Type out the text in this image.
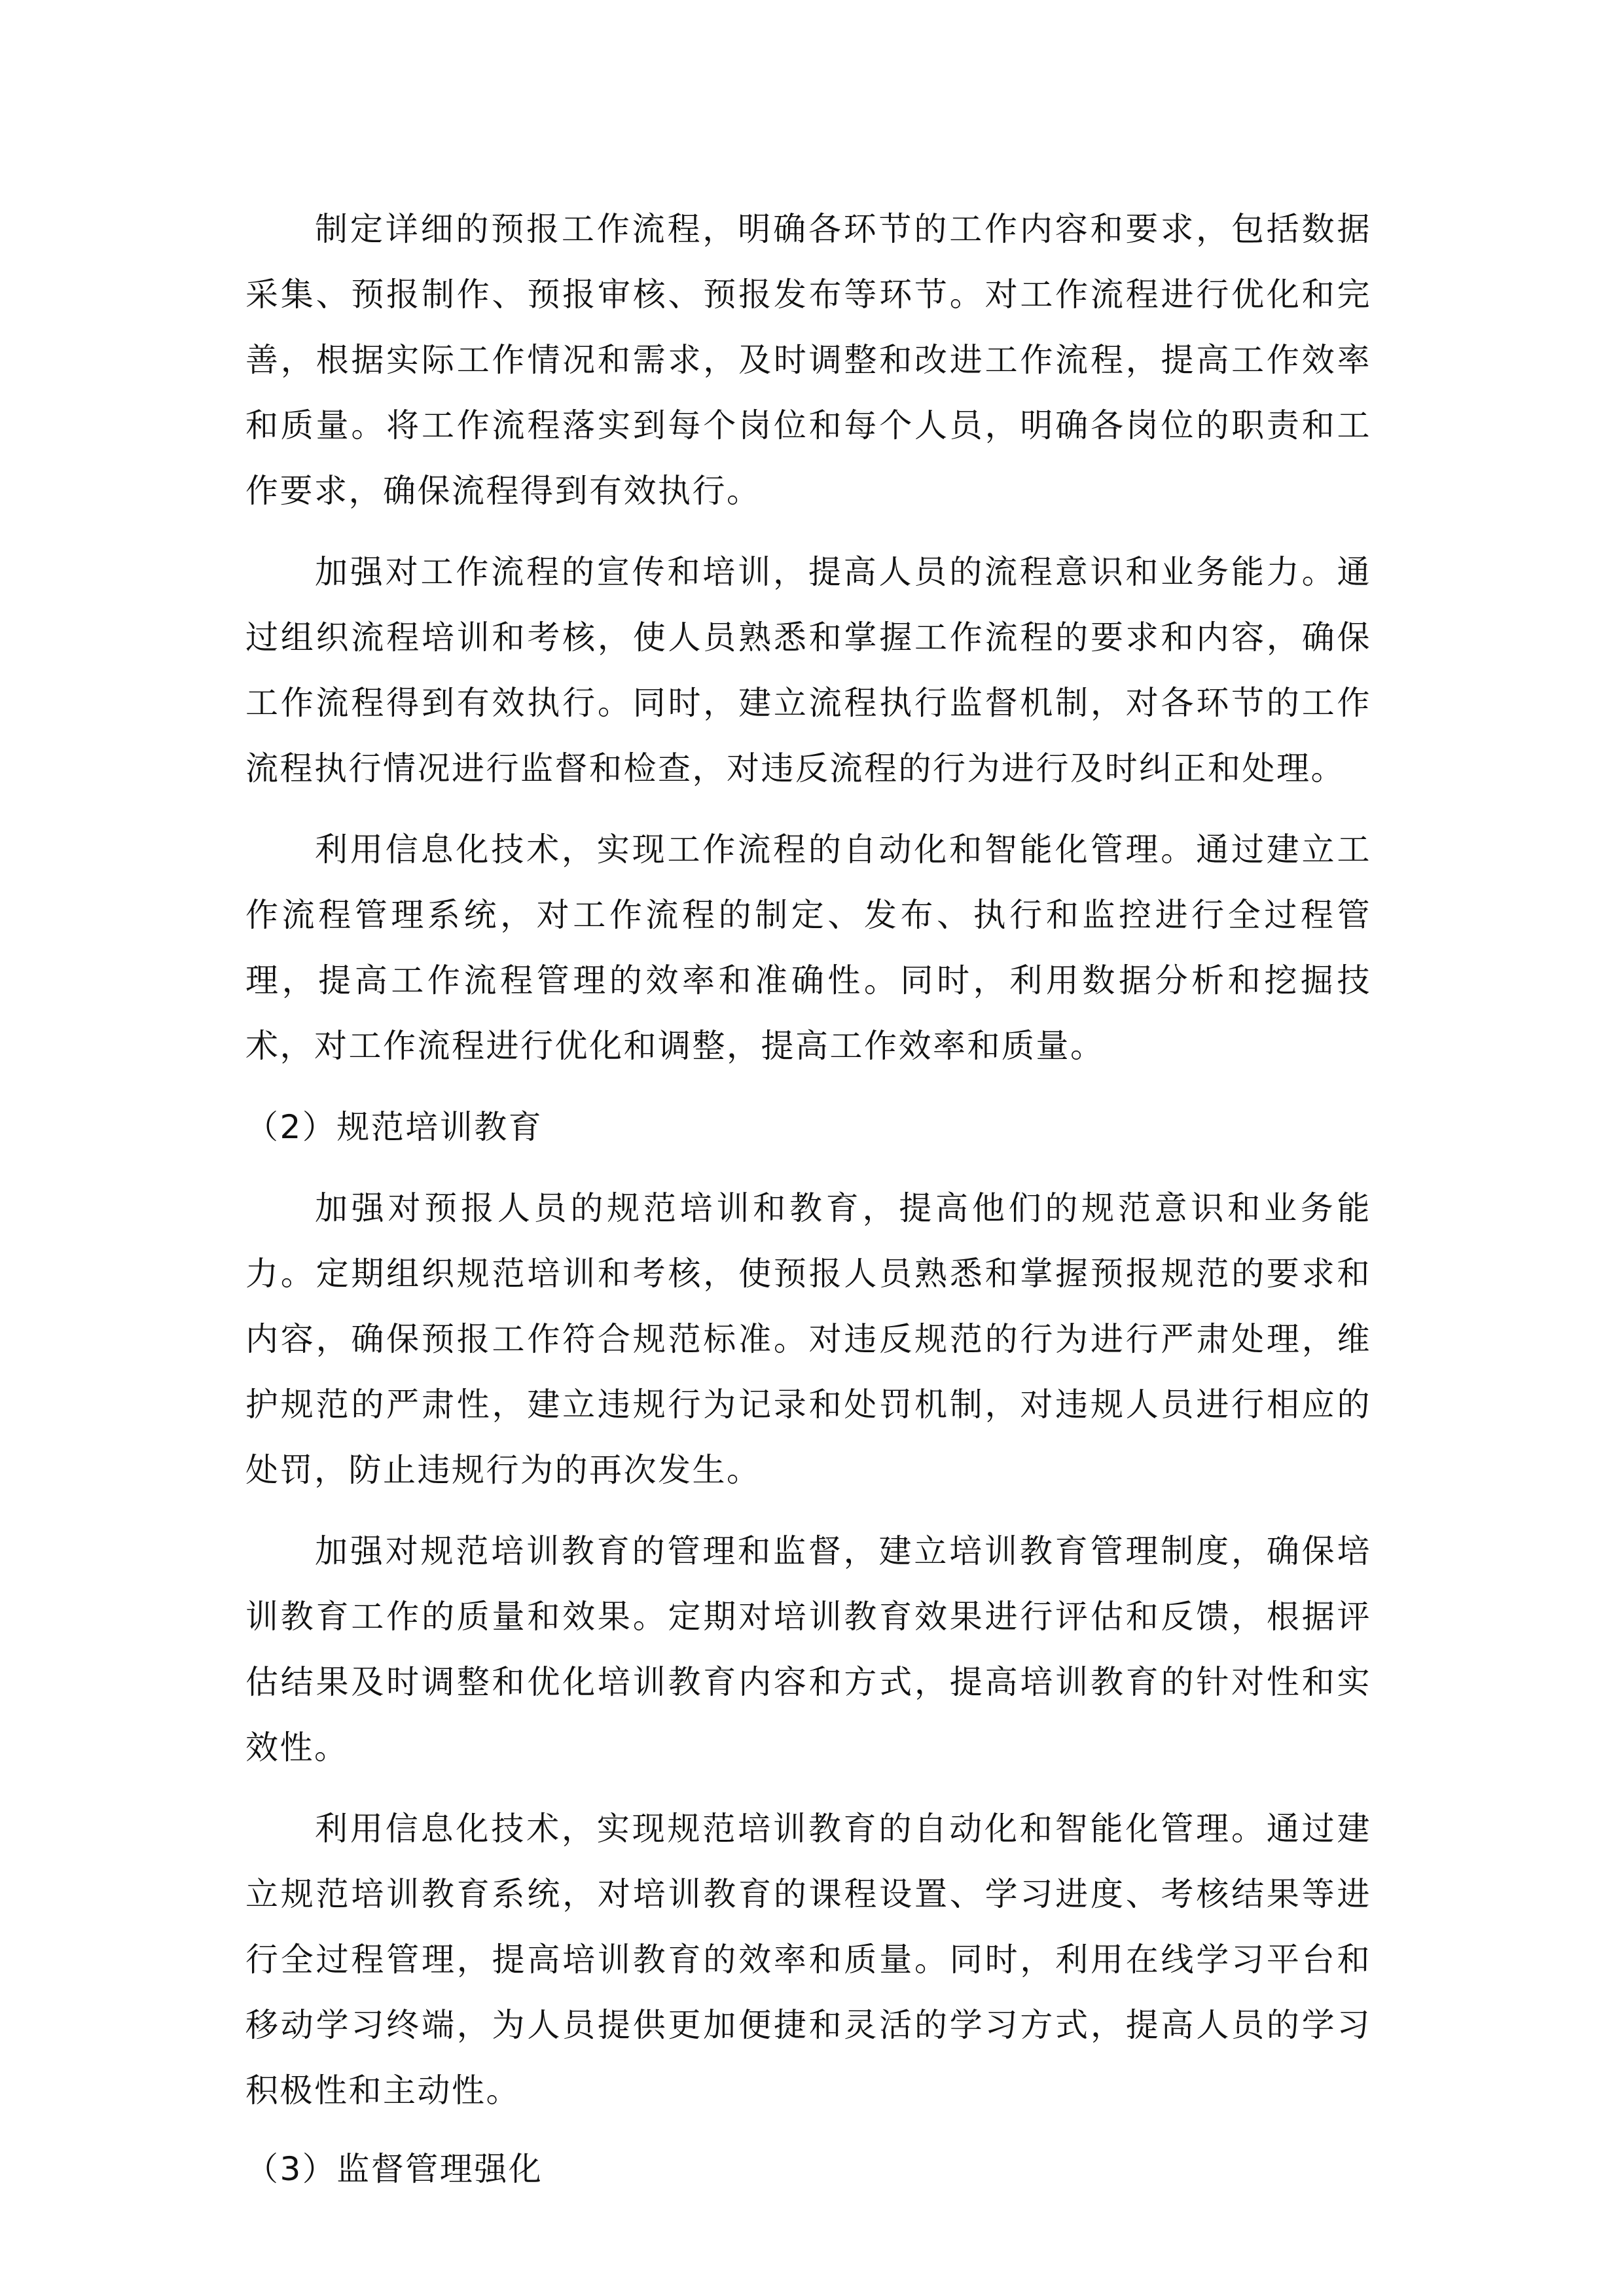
制定详细的预报工作流程，明确各环节的工作内容和要求，包括数据采集、预报制作、预报审核、预报发布等环节。对工作流程进行优化和完善，根据实际工作情况和需求，及时调整和改进工作流程，提高工作效率和质量。将工作流程落实到每个岗位和每个人员，明确各岗位的职责和工作要求，确保流程得到有效执行。

加强对工作流程的宣传和培训，提高人员的流程意识和业务能力。通过组织流程培训和考核，使人员熟悉和掌握工作流程的要求和内容，确保工作流程得到有效执行。同时，建立流程执行监督机制，对各环节的工作流程执行情况进行监督和检查，对违反流程的行为进行及时纠正和处理。

利用信息化技术，实现工作流程的自动化和智能化管理。通过建立工作流程管理系统，对工作流程的制定、发布、执行和监控进行全过程管理，提高工作流程管理的效率和准确性。同时，利用数据分析和挖掘技术，对工作流程进行优化和调整，提高工作效率和质量。

（2）规范培训教育

加强对预报人员的规范培训和教育，提高他们的规范意识和业务能力。定期组织规范培训和考核，使预报人员熟悉和掌握预报规范的要求和内容，确保预报工作符合规范标准。对违反规范的行为进行严肃处理，维护规范的严肃性，建立违规行为记录和处罚机制，对违规人员进行相应的处罚，防止违规行为的再次发生。

加强对规范培训教育的管理和监督，建立培训教育管理制度，确保培训教育工作的质量和效果。定期对培训教育效果进行评估和反馈，根据评估结果及时调整和优化培训教育内容和方式，提高培训教育的针对性和实效性。

利用信息化技术，实现规范培训教育的自动化和智能化管理。通过建立规范培训教育系统，对培训教育的课程设置、学习进度、考核结果等进行全过程管理，提高培训教育的效率和质量。同时，利用在线学习平台和移动学习终端，为人员提供更加便捷和灵活的学习方式，提高人员的学习积极性和主动性。

（3）监督管理强化
